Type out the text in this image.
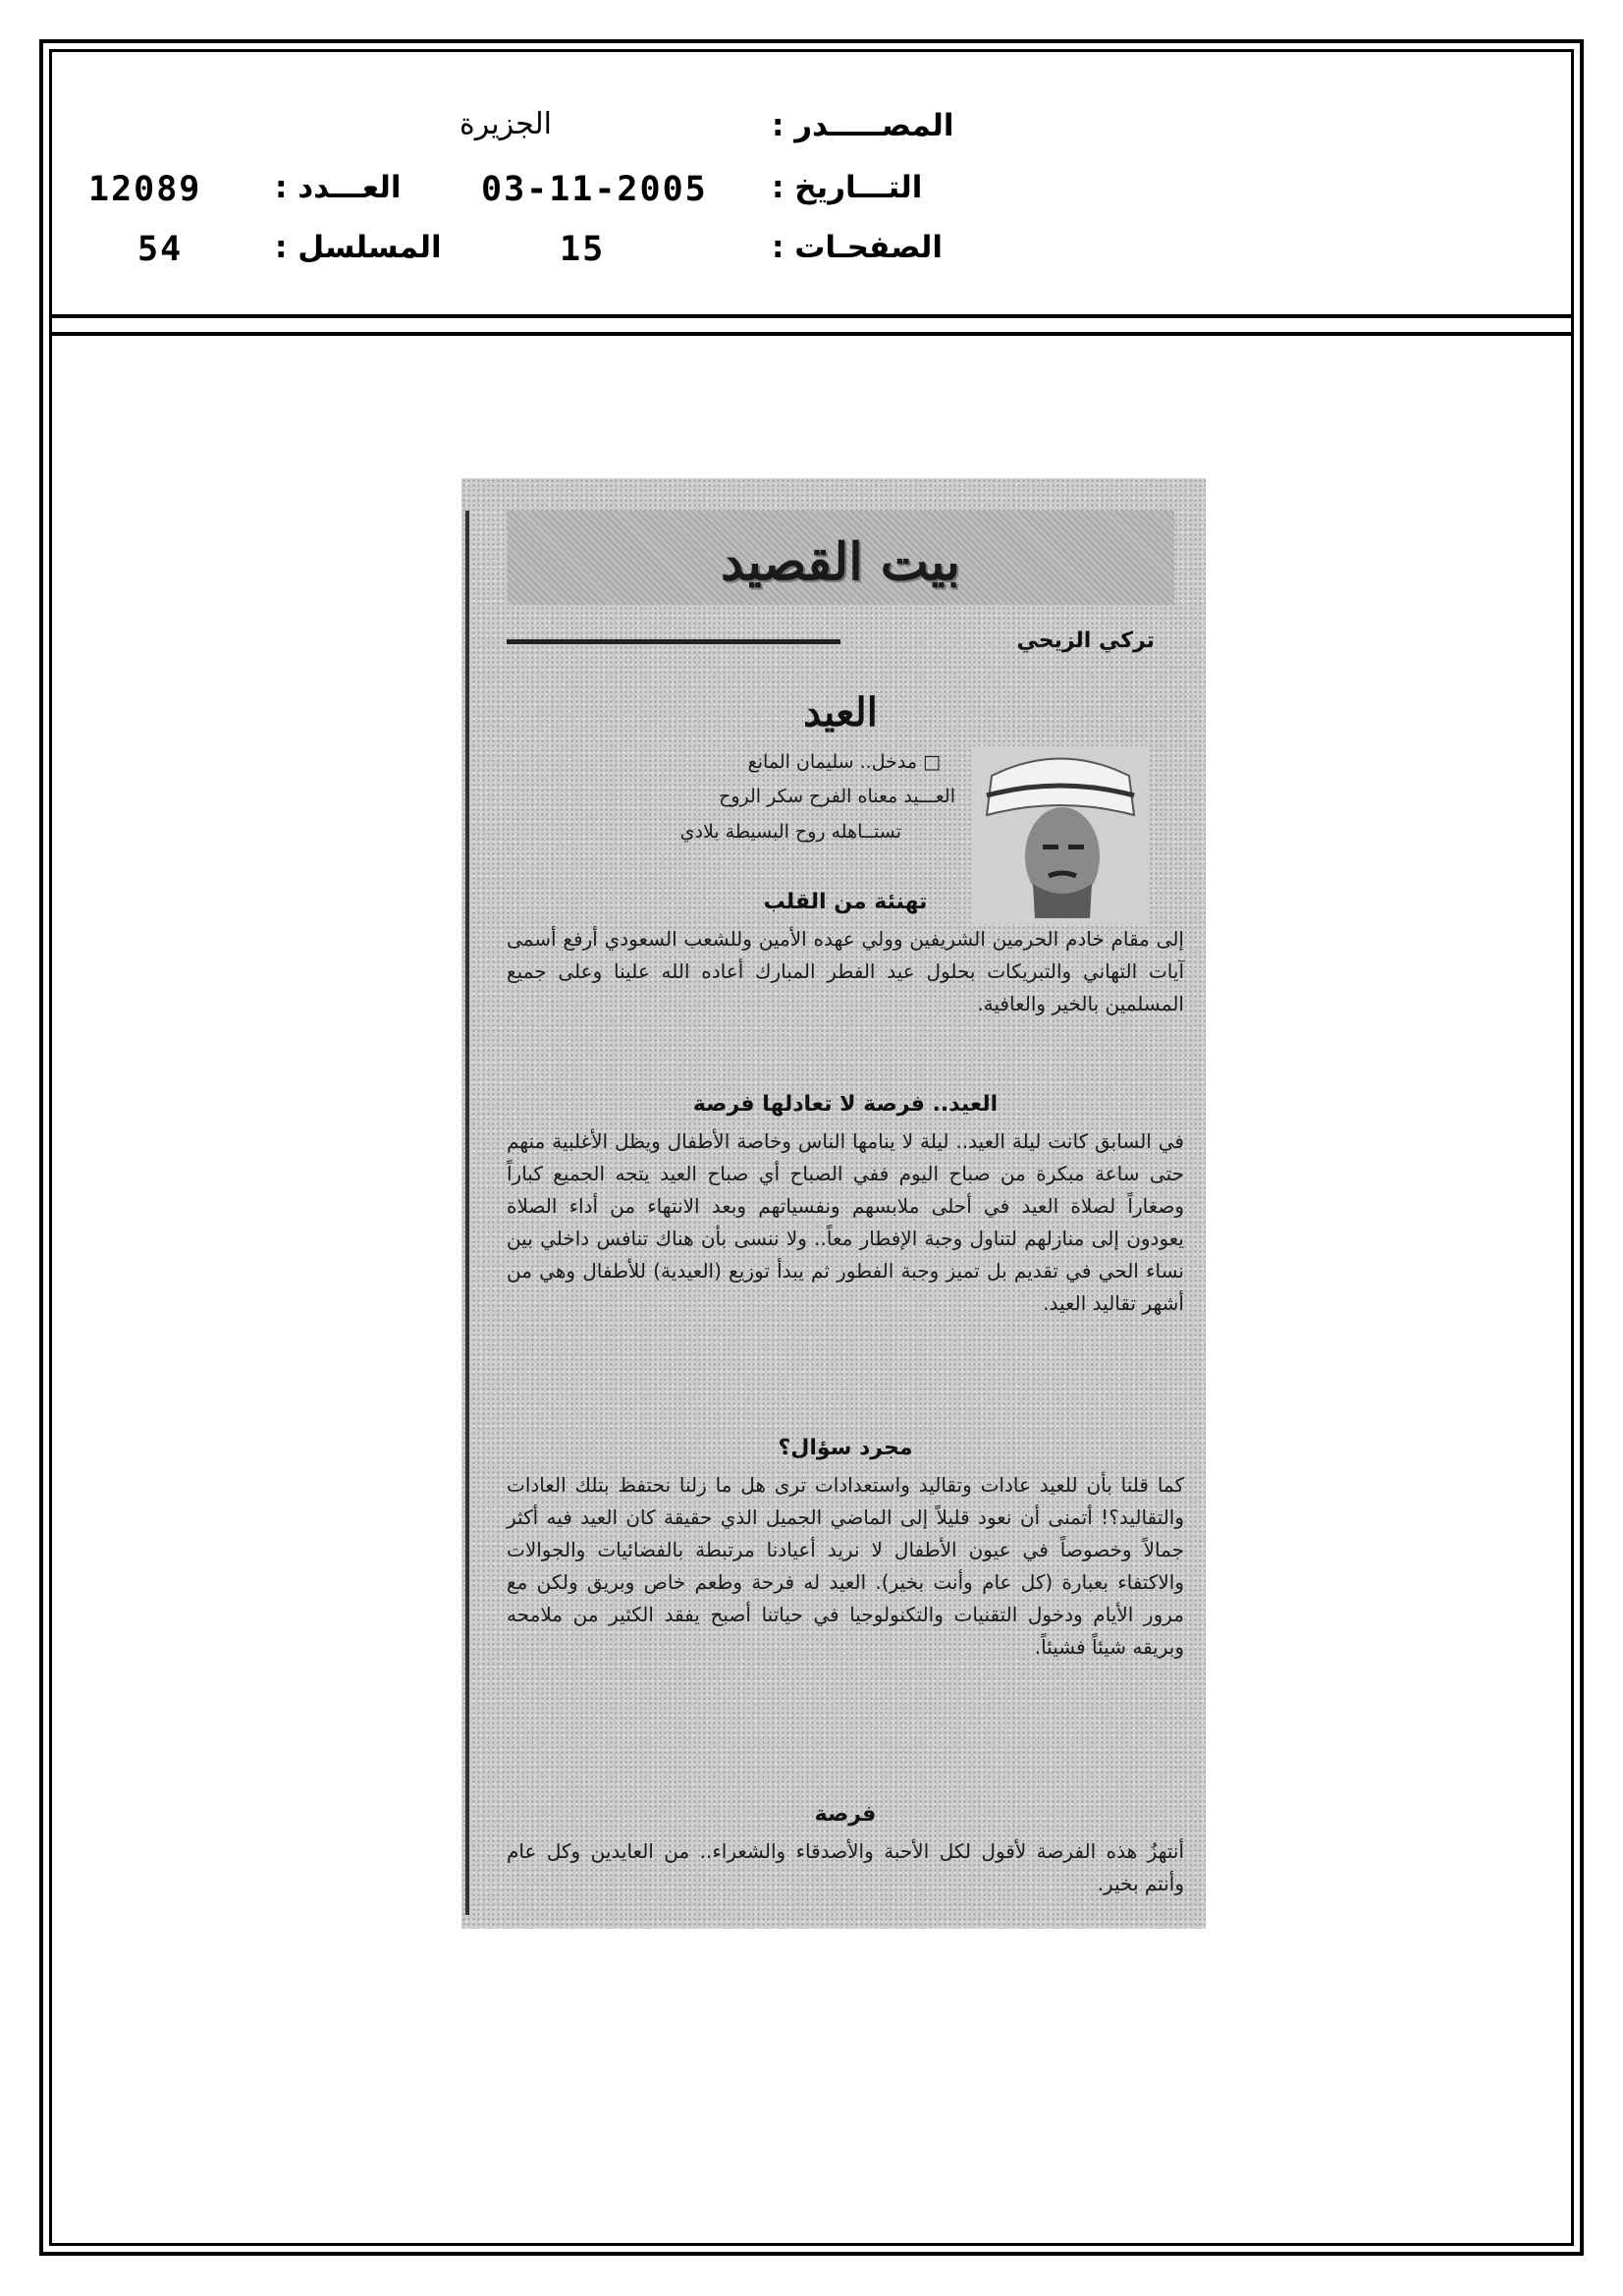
الجزيرة	المصـــــدر :
12089 العـــدد : 03-11-2005 التـــاريخ :
54	المسلسل :	15	الصفحـات :
بيت القصيد
تركي الزيحي
العيد
□ مدخل.. سليمان المانع
العـــيد معناه الفرح سكر الروح
تستــاهله روح البسيطة بلادي
تهنئة من القلب
إلى مقام خادم الحرمين الشريفين وولي عهده الأمين وللشعب السعودي أرفع أسمى آيات التهاني والتبريكات بحلول عيد الفطر المبارك أعاده الله علينا وعلى جميع المسلمين بالخير والعافية.
العيد.. فرصة لا تعادلها فرصة
في السابق كانت ليلة العيد.. ليلة لا ينامها الناس وخاصة الأطفال ويظل الأغلبية منهم حتى ساعة مبكرة من صباح اليوم ففي الصباح أي صباح العيد يتجه الجميع كباراً وصغاراً لصلاة العيد في أحلى ملابسهم ونفسياتهم وبعد الانتهاء من أداء الصلاة يعودون إلى منازلهم لتناول وجبة الإفطار معاً.. ولا ننسى بأن هناك تنافس داخلي بين نساء الحي في تقديم بل تميز وجبة الفطور ثم يبدأ توزيع (العيدية) للأطفال وهي من أشهر تقاليد العيد.
مجرد سؤال؟
كما قلنا بأن للعيد عادات وتقاليد واستعدادات ترى هل ما زلنا نحتفظ بتلك العادات والتقاليد؟! أتمنى أن نعود قليلاً إلى الماضي الجميل الذي حقيقة كان العيد فيه أكثر جمالاً وخصوصاً في عيون الأطفال لا نريد أعيادنا مرتبطة بالفضائيات والجوالات والاكتفاء بعبارة (كل عام وأنت بخير). العيد له فرحة وطعم خاص وبريق ولكن مع مرور الأيام ودخول التقنيات والتكنولوجيا في حياتنا أصبح يفقد الكثير من ملامحه وبريقه شيئاً فشيئاً.
فرصة
أنتهزُ هذه الفرصة لأقول لكل الأحبة والأصدقاء والشعراء.. من العايدين وكل عام وأنتم بخير.
